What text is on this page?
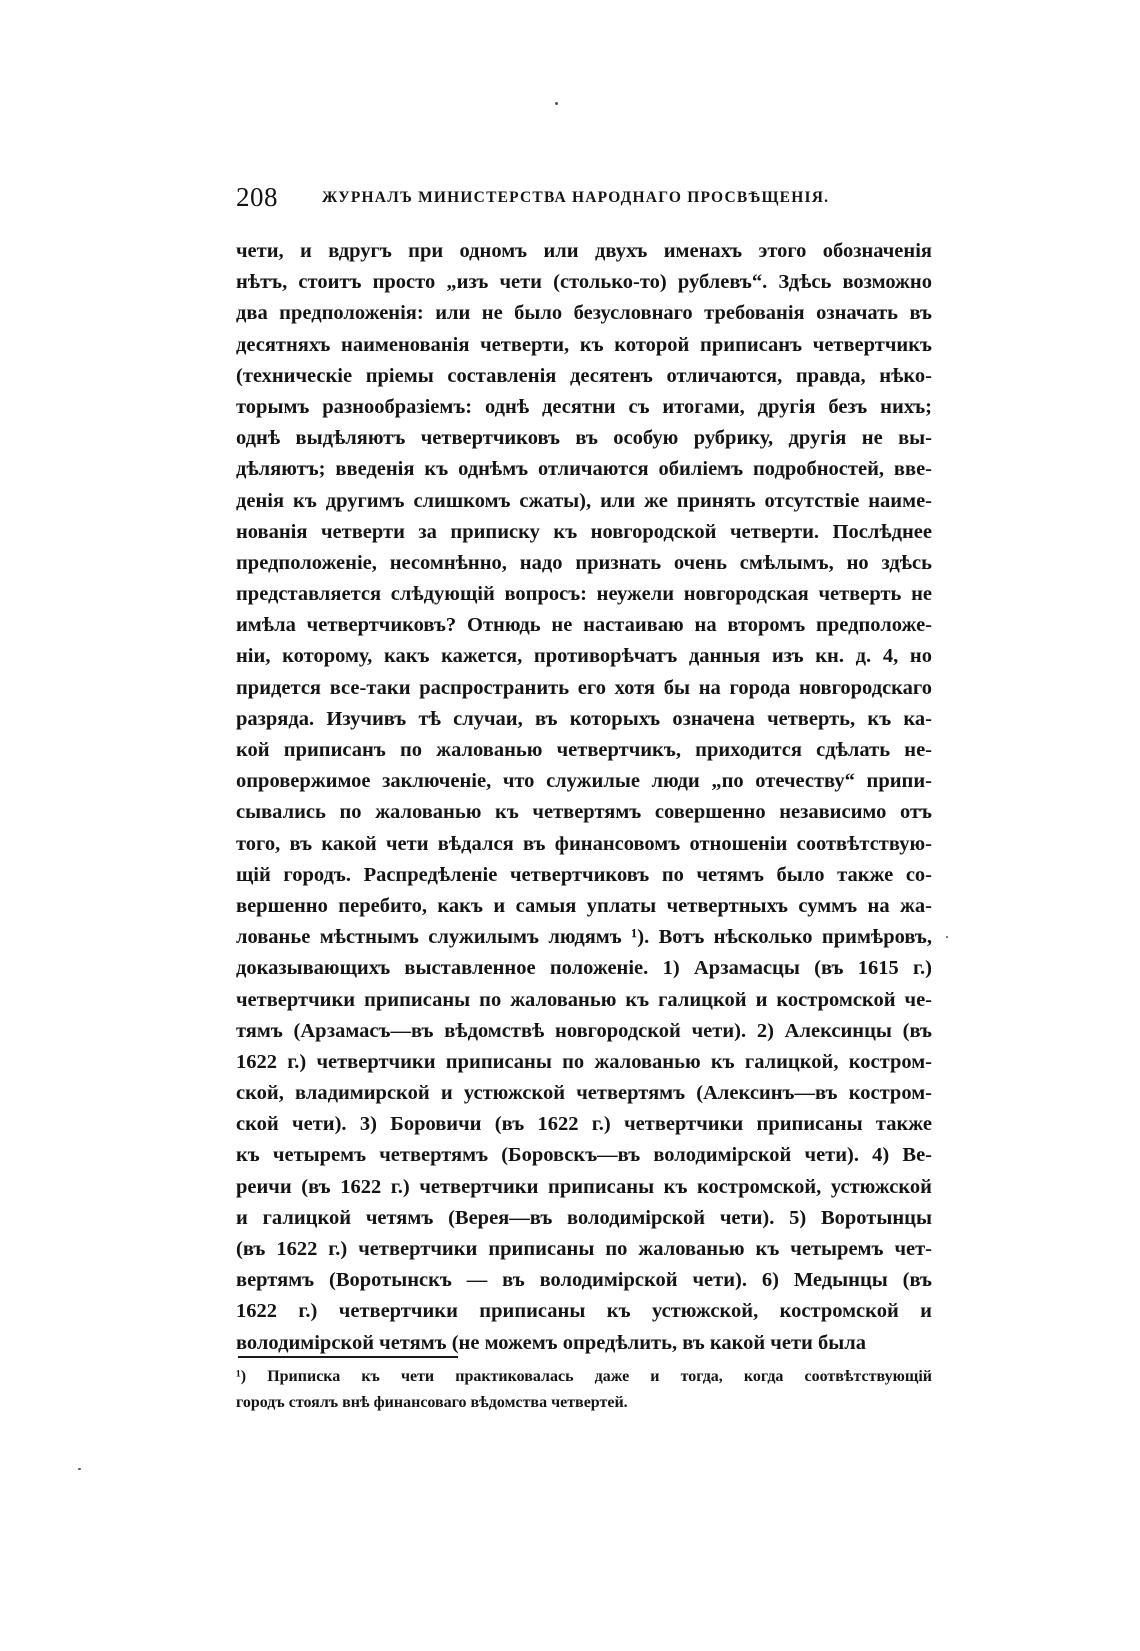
208	ЖУРНАЛЪ МИНИСТЕРСТВА НАРОДНАГО ПРОСВѢЩЕНІЯ.
чети, и вдругъ при одномъ или двухъ именахъ этого обозначенія
нѣтъ, стоитъ просто „изъ чети (столько-то) рублевъ“. Здѣсь возможно
два предположенія: или не было безусловнаго требованія означать въ
десятняхъ наименованія четверти, къ которой приписанъ четвертчикъ
(техническіе пріемы составленія десятенъ отличаются, правда, нѣко-
торымъ разнообразіемъ: однѣ десятни съ итогами, другія безъ нихъ;
однѣ выдѣляютъ четвертчиковъ въ особую рубрику, другія не вы-
дѣляютъ; введенія къ однѣмъ отличаются обиліемъ подробностей, вве-
денія къ другимъ слишкомъ сжаты), или же принять отсутствіе наиме-
нованія четверти за приписку къ новгородской четверти. Послѣднее
предположеніе, несомнѣнно, надо признать очень смѣлымъ, но здѣсь
представляется слѣдующій вопросъ: неужели новгородская четверть не
имѣла четвертчиковъ? Отнюдь не настаиваю на второмъ предположе-
ніи, которому, какъ кажется, противорѣчатъ данныя изъ кн. д. 4, но
придется все-таки распространить его хотя бы на города новгородскаго
разряда. Изучивъ тѣ случаи, въ которыхъ означена четверть, къ ка-
кой приписанъ по жалованью четвертчикъ, приходится сдѣлать не-
опровержимое заключеніе, что служилые люди „по отечеству“ припи-
сывались по жалованью къ четвертямъ совершенно независимо отъ
того, въ какой чети вѣдался въ финансовомъ отношеніи соотвѣтствую-
щій городъ. Распредѣленіе четвертчиковъ по четямъ было также со-
вершенно перебито, какъ и самыя уплаты четвертныхъ суммъ на жа-
лованье мѣстнымъ служилымъ людямъ ¹). Вотъ нѣсколько примѣровъ,
доказывающихъ выставленное положеніе. 1) Арзамасцы (въ 1615 г.)
четвертчики приписаны по жалованью къ галицкой и костромской че-
тямъ (Арзамасъ—въ вѣдомствѣ новгородской чети). 2) Алексинцы (въ
1622 г.) четвертчики приписаны по жалованью къ галицкой, костром-
ской, владимирской и устюжской четвертямъ (Алексинъ—въ костром-
ской чети). 3) Боровичи (въ 1622 г.) четвертчики приписаны также
къ четыремъ четвертямъ (Боровскъ—въ володимірской чети). 4) Ве-
реичи (въ 1622 г.) четвертчики приписаны къ костромской, устюжской
и галицкой четямъ (Верея—въ володимірской чети). 5) Воротынцы
(въ 1622 г.) четвертчики приписаны по жалованью къ четыремъ чет-
вертямъ (Воротынскъ — въ володимірской чети). 6) Медынцы (въ
1622 г.) четвертчики приписаны къ устюжской, костромской и
володимірской четямъ (не можемъ опредѣлить, въ какой чети была
¹) Приписка къ чети практиковалась даже и тогда, когда соотвѣтствующій
городъ стоялъ внѣ финансоваго вѣдомства четвертей.
